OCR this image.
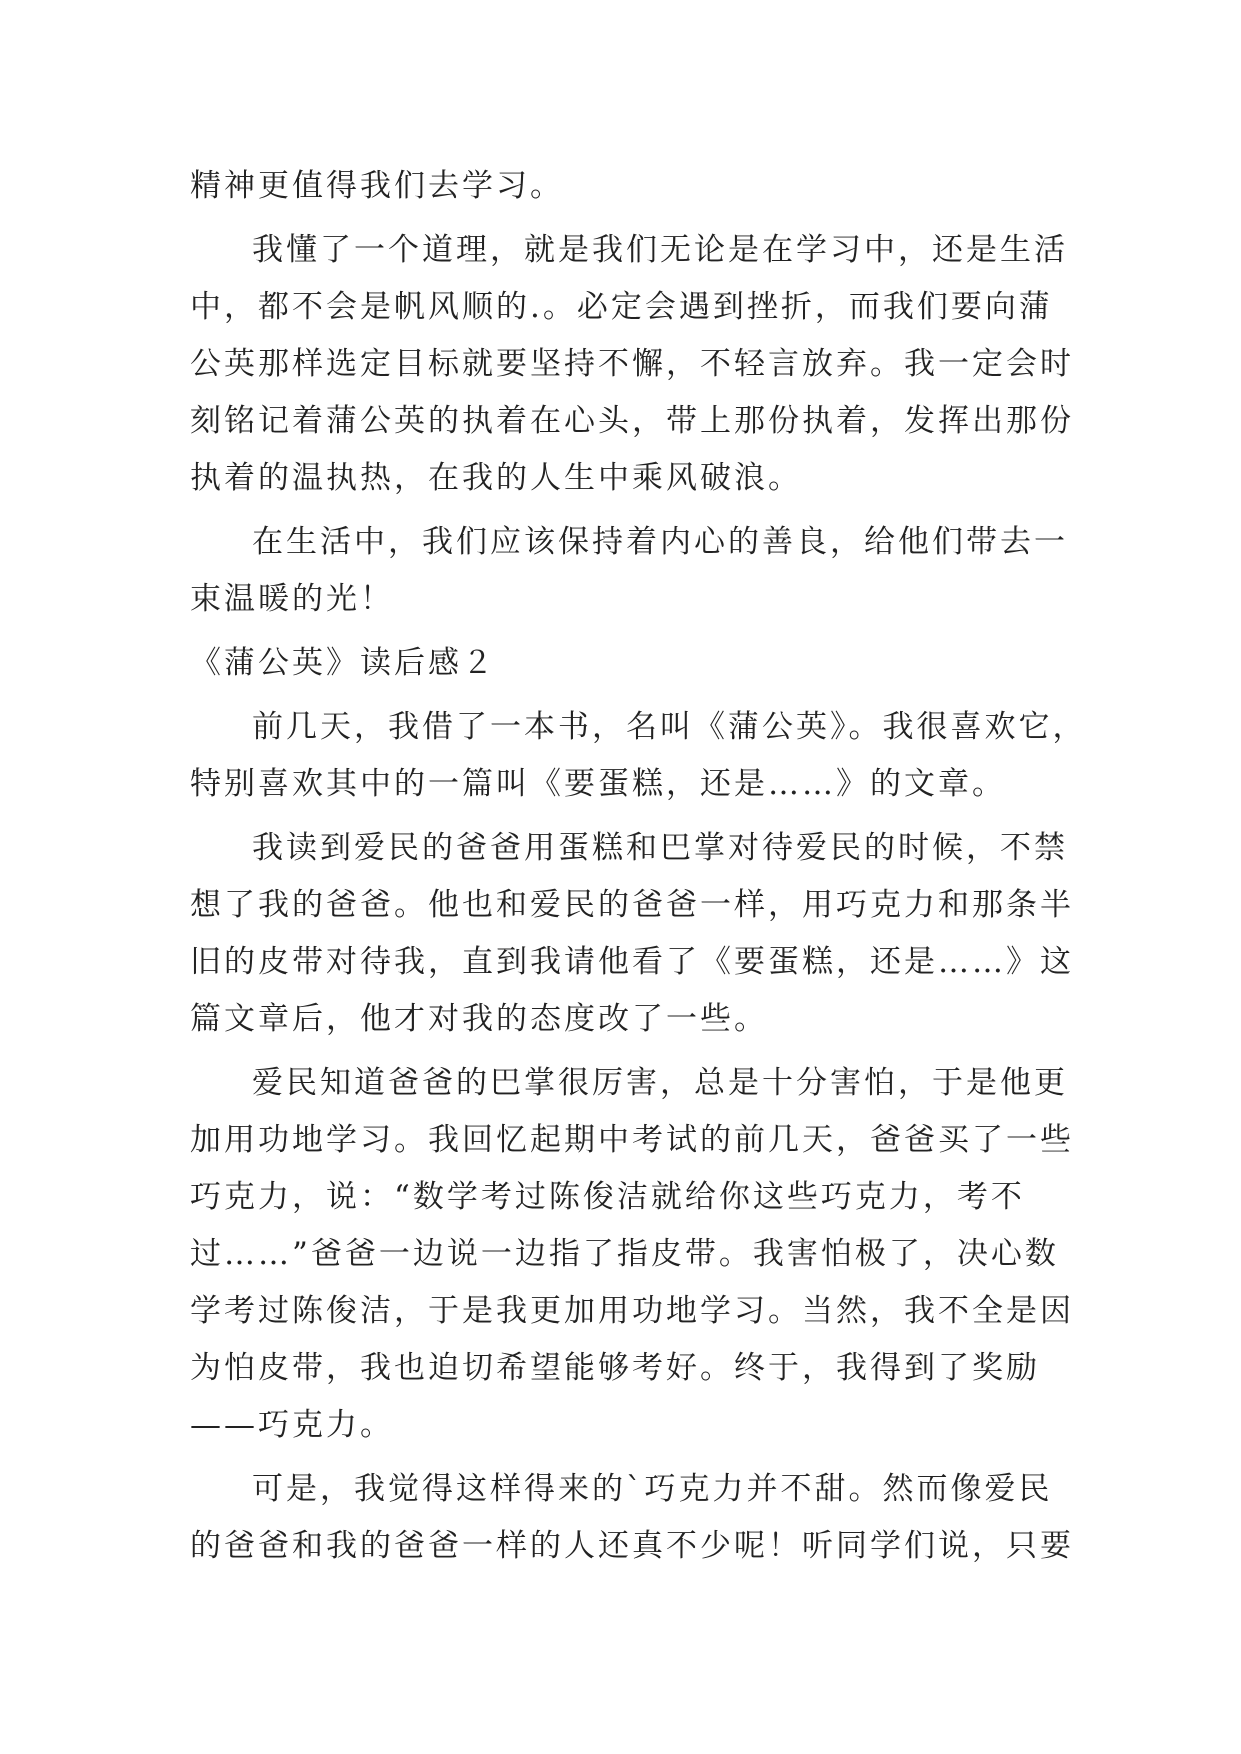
精神更值得我们去学习。
我懂了一个道理，就是我们无论是在学习中，还是生活
中，都不会是帆风顺的.。必定会遇到挫折，而我们要向蒲
公英那样选定目标就要坚持不懈，不轻言放弃。我一定会时
刻铭记着蒲公英的执着在心头，带上那份执着，发挥出那份
执着的温执热，在我的人生中乘风破浪。
在生活中，我们应该保持着内心的善良，给他们带去一
束温暖的光！
《蒲公英》读后感２
前几天，我借了一本书，名叫《蒲公英》。我很喜欢它，
特别喜欢其中的一篇叫《要蛋糕，还是……》的文章。
我读到爱民的爸爸用蛋糕和巴掌对待爱民的时候，不禁
想了我的爸爸。他也和爱民的爸爸一样，用巧克力和那条半
旧的皮带对待我，直到我请他看了《要蛋糕，还是……》这
篇文章后，他才对我的态度改了一些。
爱民知道爸爸的巴掌很厉害，总是十分害怕，于是他更
加用功地学习。我回忆起期中考试的前几天，爸爸买了一些
巧克力，说：“数学考过陈俊洁就给你这些巧克力，考不
过……”爸爸一边说一边指了指皮带。我害怕极了，决心数
学考过陈俊洁，于是我更加用功地学习。当然，我不全是因
为怕皮带，我也迫切希望能够考好。终于，我得到了奖励
——巧克力。
可是，我觉得这样得来的`巧克力并不甜。然而像爱民
的爸爸和我的爸爸一样的人还真不少呢！听同学们说，只要
